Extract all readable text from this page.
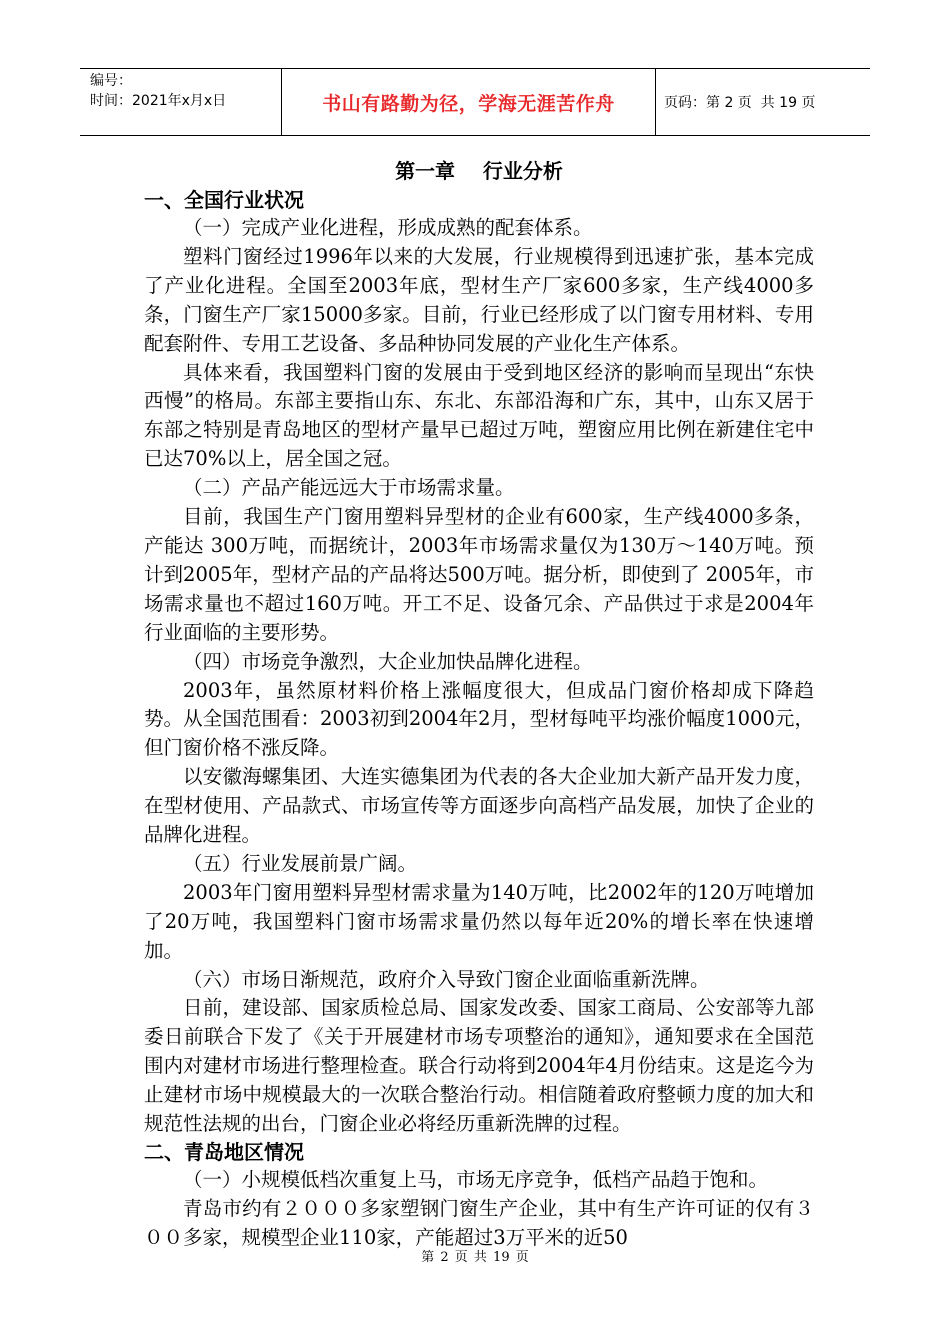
编号：
时间：2021年x月x日	书山有路勤为径，学海无涯苦作舟	页码：第 2 页  共 19 页
第一章    行业分析
一、全国行业状况

（一）完成产业化进程，形成成熟的配套体系。

塑料门窗经过1996年以来的大发展，行业规模得到迅速扩张，基本完成了产业化进程。全国至2003年底，型材生产厂家600多家，生产线4000多条，门窗生产厂家15000多家。目前，行业已经形成了以门窗专用材料、专用配套附件、专用工艺设备、多品种协同发展的产业化生产体系。

具体来看，我国塑料门窗的发展由于受到地区经济的影响而呈现出“东快西慢”的格局。东部主要指山东、东北、东部沿海和广东，其中，山东又居于东部之特别是青岛地区的型材产量早已超过万吨，塑窗应用比例在新建住宅中已达70%以上，居全国之冠。

（二）产品产能远远大于市场需求量。

目前，我国生产门窗用塑料异型材的企业有600家，生产线4000多条，产能达 300万吨，而据统计，2003年市场需求量仅为130万～140万吨。预计到2005年，型材产品的产品将达500万吨。据分析，即使到了 2005年，市场需求量也不超过160万吨。开工不足、设备冗余、产品供过于求是2004年行业面临的主要形势。

（四）市场竞争激烈，大企业加快品牌化进程。

2003年，虽然原材料价格上涨幅度很大，但成品门窗价格却成下降趋势。从全国范围看：2003初到2004年2月，型材每吨平均涨价幅度1000元，但门窗价格不涨反降。

以安徽海螺集团、大连实德集团为代表的各大企业加大新产品开发力度，在型材使用、产品款式、市场宣传等方面逐步向高档产品发展，加快了企业的品牌化进程。

（五）行业发展前景广阔。

2003年门窗用塑料异型材需求量为140万吨，比2002年的120万吨增加了20万吨，我国塑料门窗市场需求量仍然以每年近20%的增长率在快速增加。

（六）市场日渐规范，政府介入导致门窗企业面临重新洗牌。

日前，建设部、国家质检总局、国家发改委、国家工商局、公安部等九部委日前联合下发了《关于开展建材市场专项整治的通知》，通知要求在全国范围内对建材市场进行整理检查。联合行动将到2004年4月份结束。这是迄今为止建材市场中规模最大的一次联合整治行动。相信随着政府整顿力度的加大和规范性法规的出台，门窗企业必将经历重新洗牌的过程。

二、青岛地区情况

（一）小规模低档次重复上马，市场无序竞争，低档产品趋于饱和。

青岛市约有２０００多家塑钢门窗生产企业，其中有生产许可证的仅有３００多家，规模型企业110家，产能超过3万平米的近50

第 2 页 共 19 页
